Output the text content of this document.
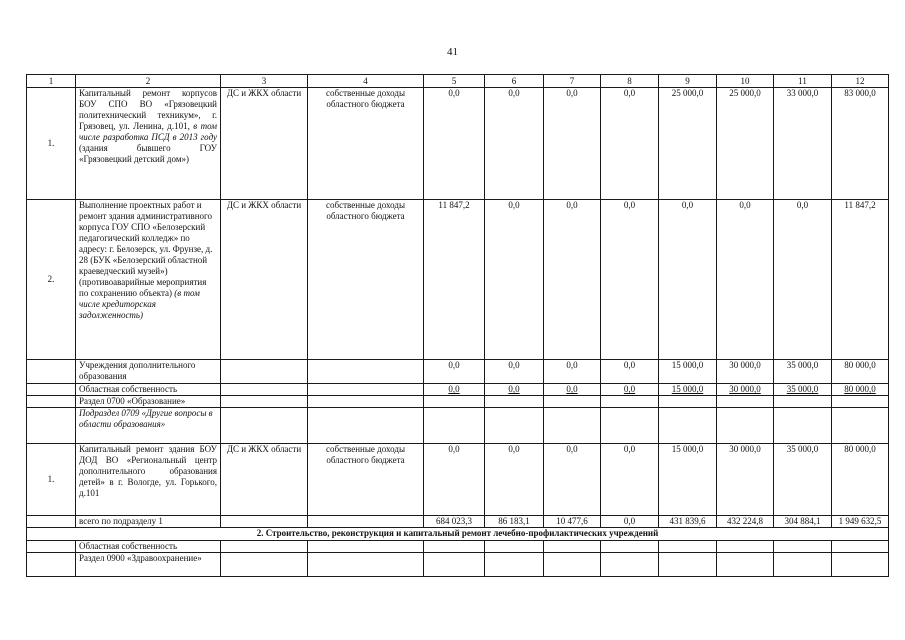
41
1	2	3	4	5	6	7	8	9	10	11	12
1.	Капитальный ремонт корпусов БОУ СПО ВО «Грязовецкий политехнический техникум», г. Грязовец, ул. Ленина, д.101, в том числе разработка ПСД в 2013 году (здания бывшего ГОУ «Грязовецкий детский дом»)	ДС и ЖКХ области	собственные доходы областного бюджета	0,0	0,0	0,0	0,0	25 000,0	25 000,0	33 000,0	83 000,0
2.	Выполнение проектных работ и ремонт здания административного корпуса ГОУ СПО «Белозерский педагогический колледж» по адресу: г. Белозерск, ул. Фрунзе, д. 28 (БУК «Белозерский областной краеведческий музей») (противоаварийные мероприятия по сохранению объекта) (в том числе кредиторская задолженность)	ДС и ЖКХ области	собственные доходы областного бюджета	11 847,2	0,0	0,0	0,0	0,0	0,0	0,0	11 847,2
	Учреждения дополнительного образования			0,0	0,0	0,0	0,0	15 000,0	30 000,0	35 000,0	80 000,0
	Областная собственность			0,0	0,0	0,0	0,0	15 000,0	30 000,0	35 000,0	80 000,0
	Раздел 0700 «Образование»										
	Подраздел 0709 «Другие вопросы в области образования»										
1.	Капитальный ремонт здания БОУ ДОД ВО «Региональный центр дополнительного образования детей» в г. Вологде, ул. Горького, д.101	ДС и ЖКХ области	собственные доходы областного бюджета	0,0	0,0	0,0	0,0	15 000,0	30 000,0	35 000,0	80 000,0
	всего по подразделу 1			684 023,3	86 183,1	10 477,6	0,0	431 839,6	432 224,8	304 884,1	1 949 632,5
2. Строительство, реконструкция и капитальный ремонт лечебно-профилактических учреждений											
	Областная собственность										
	Раздел 0900 «Здравоохранение»										
